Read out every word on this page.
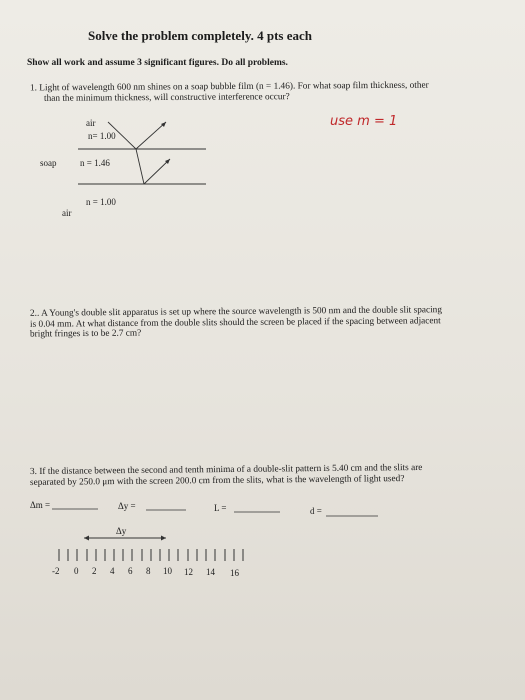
Solve the problem completely. 4 pts each
Show all work and assume 3 significant figures. Do all problems.
1. Light of wavelength 600 nm shines on a soap bubble film (n = 1.46). For what soap film thickness, other
than the minimum thickness, will constructive interference occur?
use m = 1
air
n= 1.00
soap	n = 1.46
n = 1.00
air
2.. A Young's double slit apparatus is set up where the source wavelength is 500 nm and the double slit spacing
is 0.04 mm. At what distance from the double slits should the screen be placed if the spacing between adjacent
bright fringes is to be 2.7 cm?
3. If the distance between the second and tenth minima of a double-slit pattern is 5.40 cm and the slits are
separated by 250.0 μm with the screen 200.0 cm from the slits, what is the wavelength of light used?
Δm =	Δy =	L =	d =
Δy
-2 0 2 4 6 8 10 12 14 16
